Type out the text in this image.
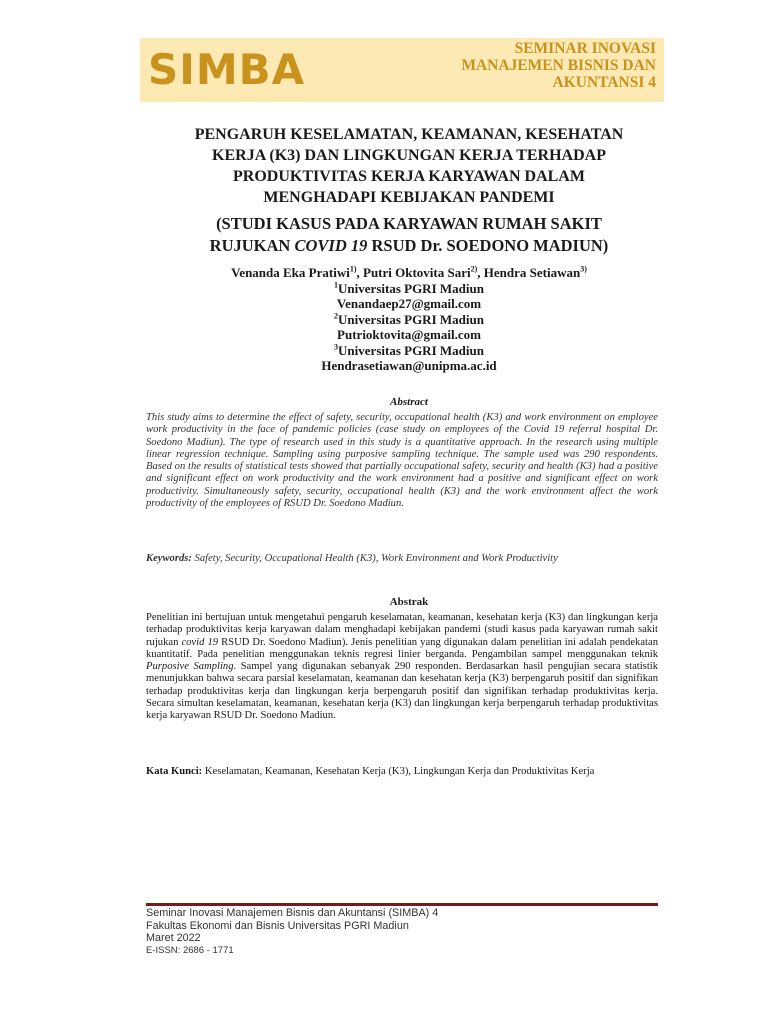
SIMBA	SEMINAR INOVASI
MANAJEMEN BISNIS DAN
AKUNTANSI 4
PENGARUH KESELAMATAN, KEAMANAN, KESEHATAN
KERJA (K3) DAN LINGKUNGAN KERJA TERHADAP
PRODUKTIVITAS KERJA KARYAWAN DALAM
MENGHADAPI KEBIJAKAN PANDEMI
(STUDI KASUS PADA KARYAWAN RUMAH SAKIT
RUJUKAN COVID 19 RSUD Dr. SOEDONO MADIUN)
Venanda Eka Pratiwi$^{1)}$, Putri Oktovita Sari$^{2)}$, Hendra Setiawan$^{3)}$
$^1$Universitas PGRI Madiun
Venandaep27@gmail.com
$^2$Universitas PGRI Madiun
Putrioktovita@gmail.com
$^3$Universitas PGRI Madiun
Hendrasetiawan@unipma.ac.id
Abstract
This study aims to determine the effect of safety, security, occupational health (K3) and work environment on employee work productivity in the face of pandemic policies (case study on employees of the Covid 19 referral hospital Dr. Soedono Madiun). The type of research used in this study is a quantitative approach. In the research using multiple linear regression technique. Sampling using purposive sampling technique. The sample used was 290 respondents. Based on the results of statistical tests showed that partially occupational safety, security and health (K3) had a positive and significant effect on work productivity and the work environment had a positive and significant effect on work productivity. Simultaneously safety, security, occupational health (K3) and the work environment affect the work productivity of the employees of RSUD Dr. Soedono Madiun.
Keywords: Safety, Security, Occupational Health (K3), Work Environment and Work Productivity
Abstrak
Penelitian ini bertujuan untuk mengetahui pengaruh keselamatan, keamanan, kesehatan kerja (K3) dan lingkungan kerja terhadap produktivitas kerja karyawan dalam menghadapi kebijakan pandemi (studi kasus pada karyawan rumah sakit rujukan covid 19 RSUD Dr. Soedono Madiun). Jenis penelitian yang digunakan dalam penelitian ini adalah pendekatan kuantitatif. Pada penelitian menggunakan teknis regresi linier berganda. Pengambilan sampel menggunakan teknik Purposive Sampling. Sampel yang digunakan sebanyak 290 responden. Berdasarkan hasil pengujian secara statistik menunjukkan bahwa secara parsial keselamatan, keamanan dan kesehatan kerja (K3) berpengaruh positif dan signifikan terhadap produktivitas kerja dan lingkungan kerja berpengaruh positif dan signifikan terhadap produktivitas kerja. Secara simultan keselamatan, keamanan, kesehatan kerja (K3) dan lingkungan kerja berpengaruh terhadap produktivitas kerja karyawan RSUD Dr. Soedono Madiun.
Kata Kunci: Keselamatan, Keamanan, Kesehatan Kerja (K3), Lingkungan Kerja dan Produktivitas Kerja
Seminar Inovasi Manajemen Bisnis dan Akuntansi (SIMBA) 4
Fakultas Ekonomi dan Bisnis Universitas PGRI Madiun
Maret 2022
E-ISSN: 2686 - 1771
